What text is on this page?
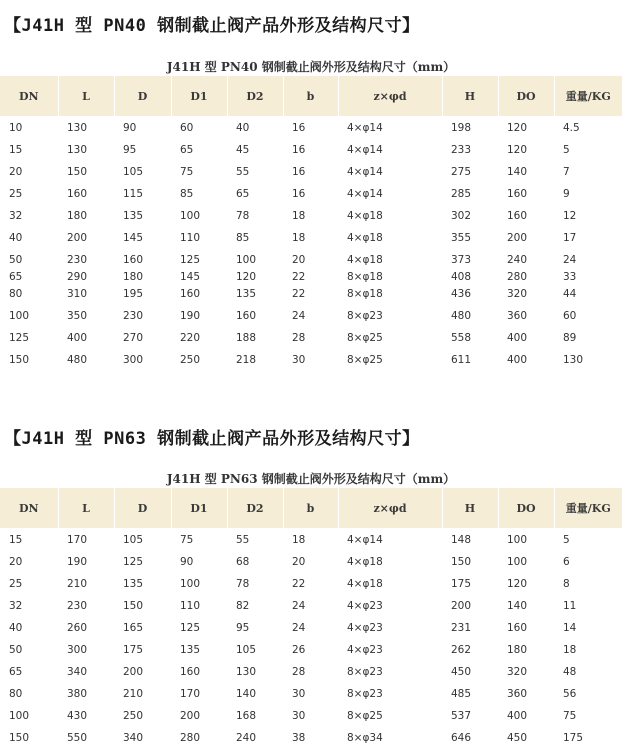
【J41H 型 PN40 钢制截止阀产品外形及结构尺寸】
J41H 型 PN40 钢制截止阀外形及结构尺寸（mm）
DN	L	D	D1	D2	b	z×φd	H	DO	重量/KG
10	130	90	60	40	16	4×φ14	198	120	4.5
15	130	95	65	45	16	4×φ14	233	120	5
20	150	105	75	55	16	4×φ14	275	140	7
25	160	115	85	65	16	4×φ14	285	160	9
32	180	135	100	78	18	4×φ18	302	160	12
40	200	145	110	85	18	4×φ18	355	200	17
50	230	160	125	100	20	4×φ18	373	240	24
65	290	180	145	120	22	8×φ18	408	280	33
80	310	195	160	135	22	8×φ18	436	320	44
100	350	230	190	160	24	8×φ23	480	360	60
125	400	270	220	188	28	8×φ25	558	400	89
150	480	300	250	218	30	8×φ25	611	400	130
【J41H 型 PN63 钢制截止阀产品外形及结构尺寸】
J41H 型 PN63 钢制截止阀外形及结构尺寸（mm）
DN	L	D	D1	D2	b	z×φd	H	DO	重量/KG
15	170	105	75	55	18	4×φ14	148	100	5
20	190	125	90	68	20	4×φ18	150	100	6
25	210	135	100	78	22	4×φ18	175	120	8
32	230	150	110	82	24	4×φ23	200	140	11
40	260	165	125	95	24	4×φ23	231	160	14
50	300	175	135	105	26	4×φ23	262	180	18
65	340	200	160	130	28	8×φ23	450	320	48
80	380	210	170	140	30	8×φ23	485	360	56
100	430	250	200	168	30	8×φ25	537	400	75
150	550	340	280	240	38	8×φ34	646	450	175
